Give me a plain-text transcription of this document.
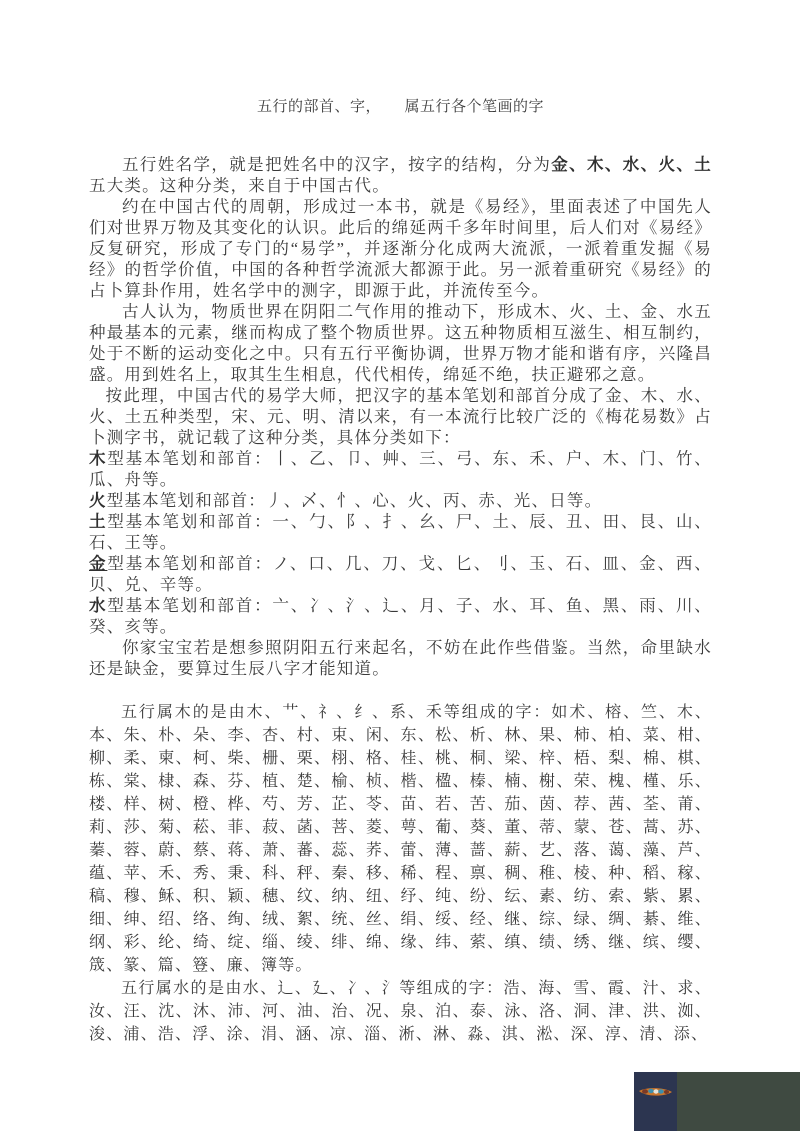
五行的部首、字，　　属五行各个笔画的字

五行姓名学，就是把姓名中的汉字，按字的结构，分为金、木、水、火、土五大类。这种分类，来自于中国古代。

约在中国古代的周朝，形成过一本书，就是《易经》，里面表述了中国先人们对世界万物及其变化的认识。此后的绵延两千多年时间里，后人们对《易经》反复研究，形成了专门的“易学”，并逐渐分化成两大流派，一派着重发掘《易经》的哲学价值，中国的各种哲学流派大都源于此。另一派着重研究《易经》的占卜算卦作用，姓名学中的测字，即源于此，并流传至今。

古人认为，物质世界在阴阳二气作用的推动下，形成木、火、土、金、水五种最基本的元素，继而构成了整个物质世界。这五种物质相互滋生、相互制约，处于不断的运动变化之中。只有五行平衡协调，世界万物才能和谐有序，兴隆昌盛。用到姓名上，取其生生相息，代代相传，绵延不绝，扶正避邪之意。

按此理，中国古代的易学大师，把汉字的基本笔划和部首分成了金、木、水、火、土五种类型，宋、元、明、清以来，有一本流行比较广泛的《梅花易数》占卜测字书，就记载了这种分类，具体分类如下：

木型基本笔划和部首：丨、乙、卩、艸、三、弓、东、禾、户、木、门、竹、瓜、舟等。

火型基本笔划和部首：丿、乄、忄、心、火、丙、赤、光、日等。

土型基本笔划和部首：一、勹、阝、扌、幺、尸、土、辰、丑、田、艮、山、石、王等。

金型基本笔划和部首：ノ、口、几、刀、戈、匕、刂、玉、石、皿、金、西、贝、兑、辛等。

水型基本笔划和部首：亠、冫、氵、辶、月、子、水、耳、鱼、黑、雨、川、癸、亥等。

你家宝宝若是想参照阴阳五行来起名，不妨在此作些借鉴。当然，命里缺水还是缺金，要算过生辰八字才能知道。

五行属木的是由木、艹、礻、纟、系、禾等组成的字：如术、榕、竺、木、本、朱、朴、朵、李、杏、村、束、闲、东、松、析、林、果、柿、柏、菜、柑、柳、柔、柬、柯、柴、栅、栗、栩、格、桂、桃、桐、梁、梓、梧、梨、棉、棋、栋、棠、棣、森、芬、植、楚、榆、桢、楷、楹、榛、楠、榭、荣、槐、槿、乐、楼、样、树、橙、桦、芍、芳、芷、苓、苗、若、苦、茄、茵、荐、茜、荃、莆、莉、莎、菊、菘、菲、菽、菡、菩、菱、萼、葡、葵、董、蒂、蒙、苍、蒿、苏、蓁、蓉、蔚、蔡、蒋、萧、蕃、蕊、荞、蕾、薄、蔷、薪、艺、落、蔼、藻、芦、蕴、苹、禾、秀、秉、科、秤、秦、移、稀、程、禀、稠、稚、棱、种、稻、稼、稿、穆、稣、积、颖、穗、纹、纳、纽、纾、纯、纷、纭、素、纺、索、紫、累、细、绅、绍、络、绚、绒、絮、统、丝、绢、绥、经、继、综、绿、绸、綦、维、纲、彩、纶、绮、绽、缁、绫、绯、绵、缘、纬、萦、缜、绩、绣、继、缤、缨、筬、篆、篇、簦、廉、簿等。

五行属水的是由水、辶、廴、冫、氵等组成的字：浩、海、雪、霞、汁、求、汝、汪、沈、沐、沛、河、油、治、况、泉、泊、泰、泳、洛、洞、津、洪、洳、浚、浦、浩、浮、涂、涓、涵、凉、淄、淅、淋、淼、淇、淞、深、淳、清、添、
